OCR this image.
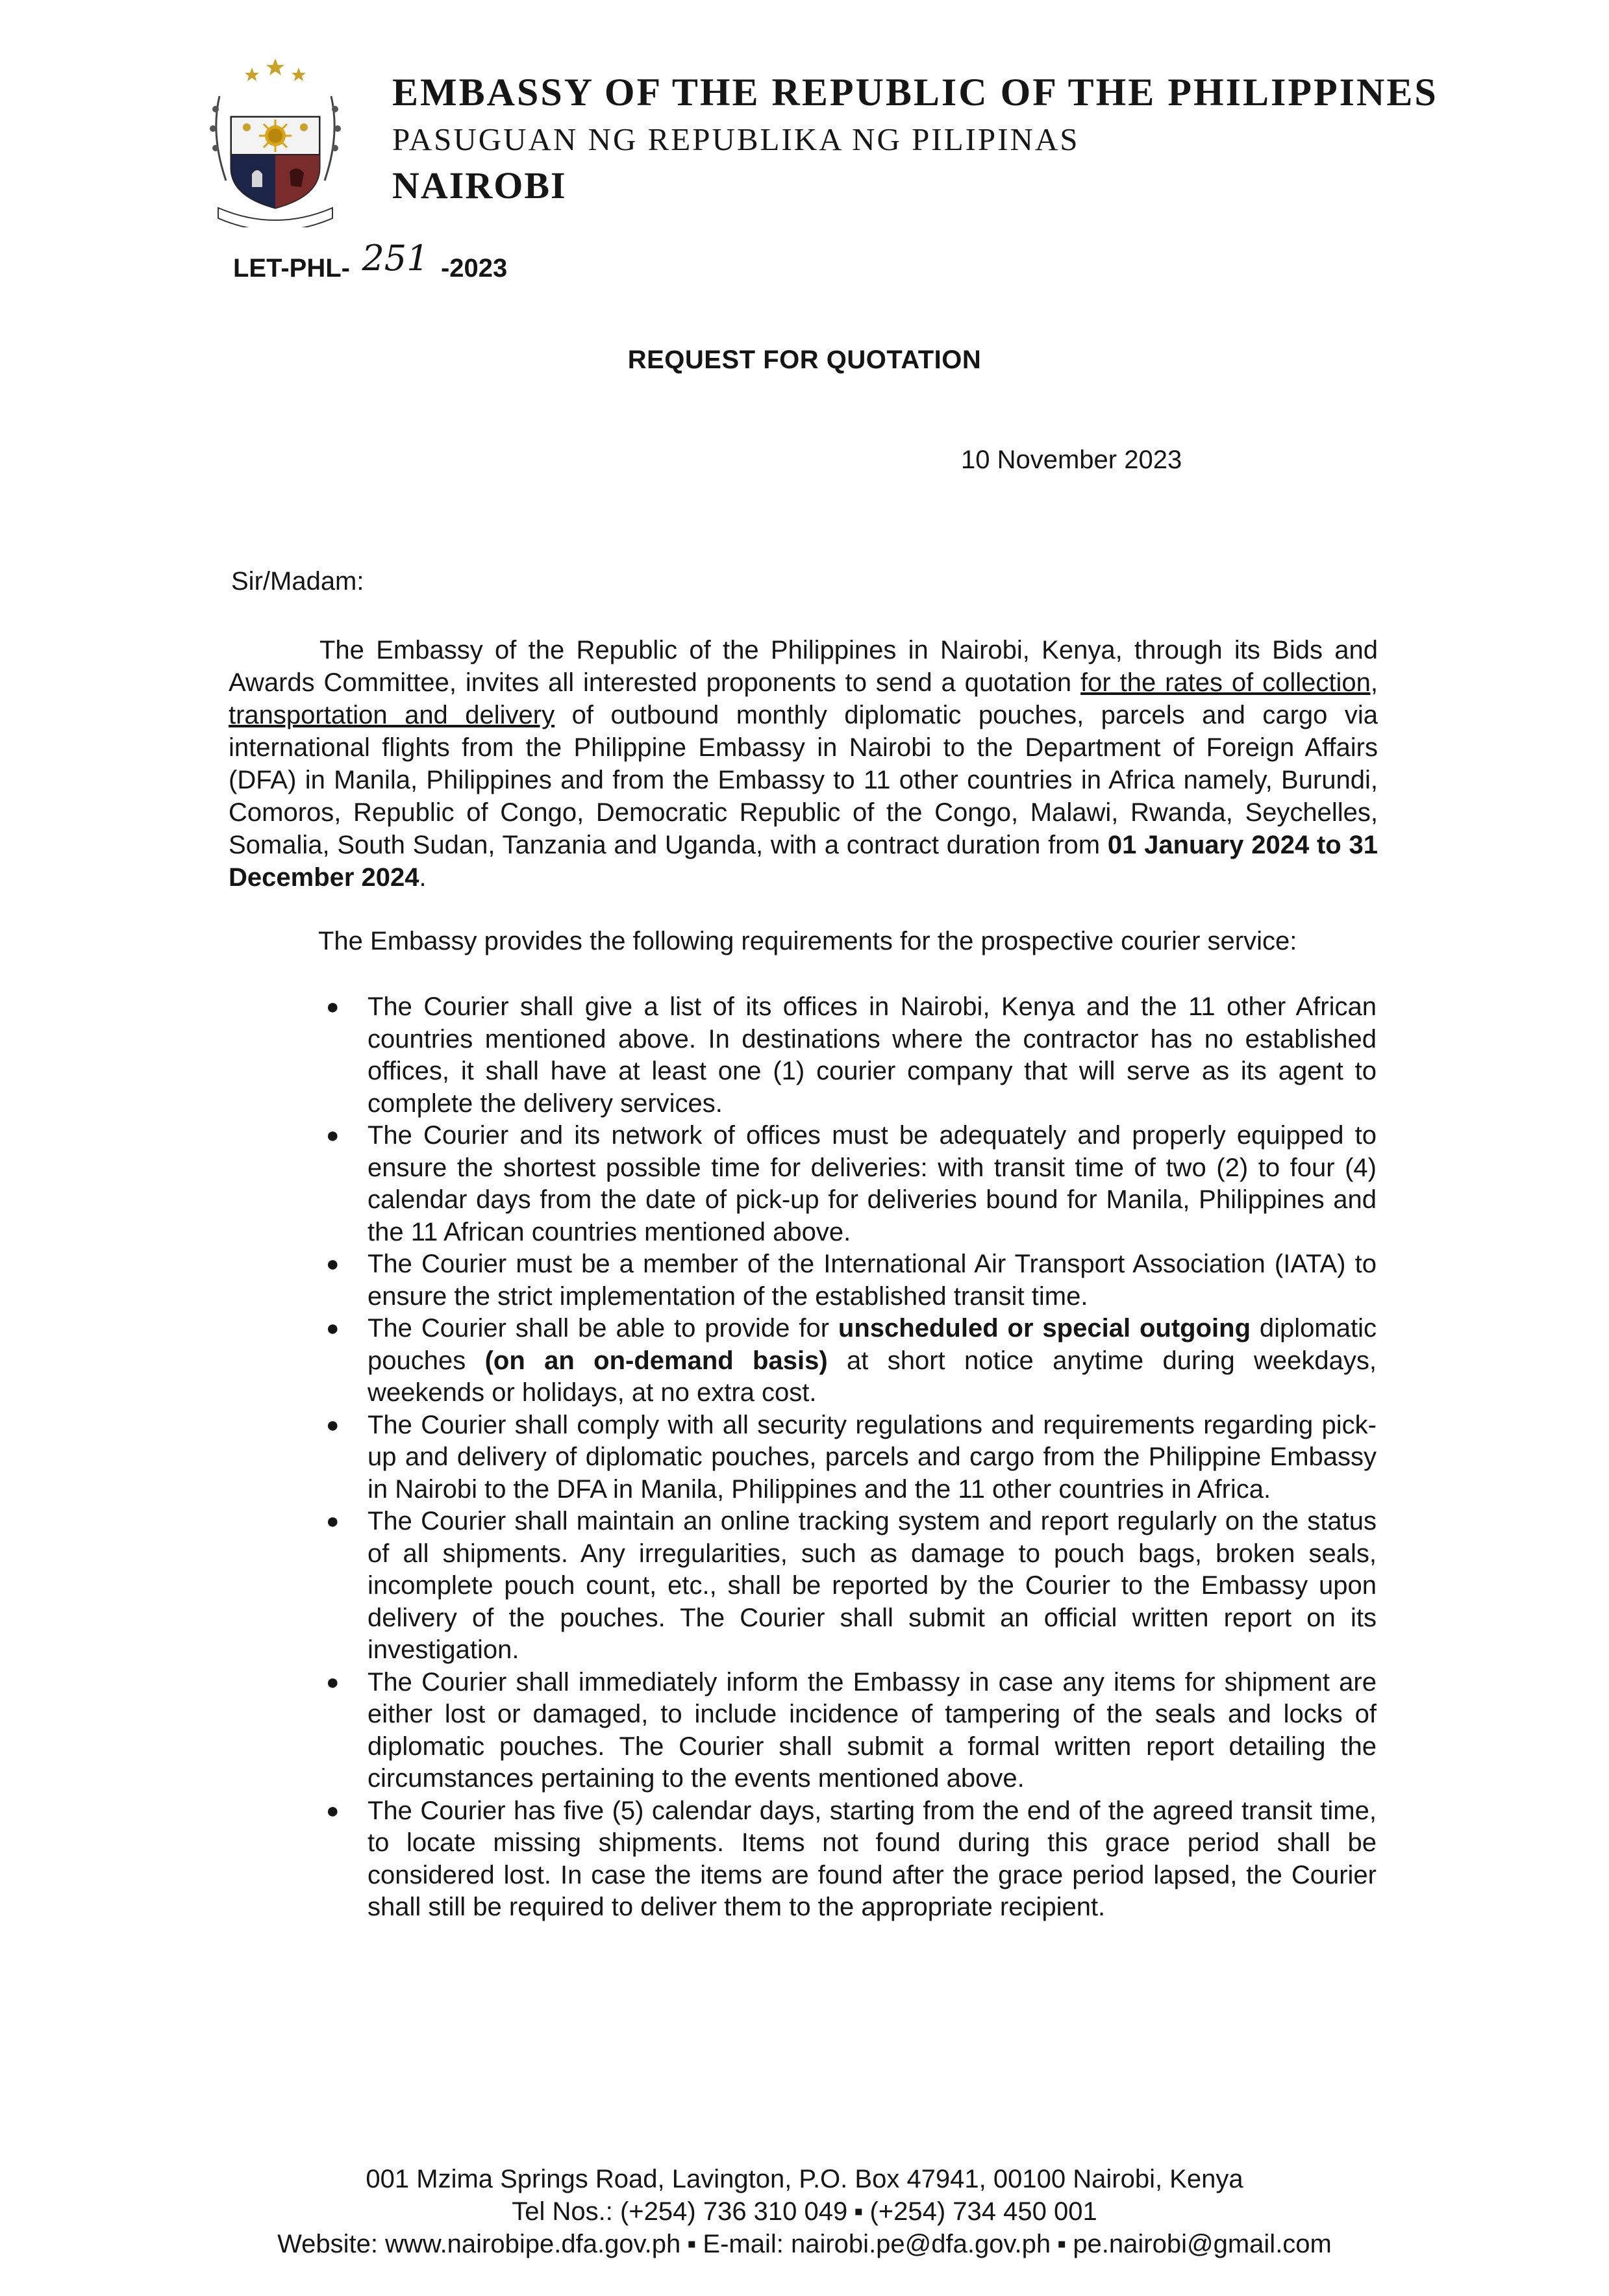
EMBASSY OF THE REPUBLIC OF THE PHILIPPINES
PASUGUAN NG REPUBLIKA NG PILIPINAS
NAIROBI
LET-PHL- 251 -2023
REQUEST FOR QUOTATION
10 November 2023
Sir/Madam:

The Embassy of the Republic of the Philippines in Nairobi, Kenya, through its Bids and Awards Committee, invites all interested proponents to send a quotation for the rates of collection, transportation and delivery of outbound monthly diplomatic pouches, parcels and cargo via international flights from the Philippine Embassy in Nairobi to the Department of Foreign Affairs (DFA) in Manila, Philippines and from the Embassy to 11 other countries in Africa namely, Burundi, Comoros, Republic of Congo, Democratic Republic of the Congo, Malawi, Rwanda, Seychelles, Somalia, South Sudan, Tanzania and Uganda, with a contract duration from 01 January 2024 to 31 December 2024.

The Embassy provides the following requirements for the prospective courier service:

● The Courier shall give a list of its offices in Nairobi, Kenya and the 11 other African countries mentioned above. In destinations where the contractor has no established offices, it shall have at least one (1) courier company that will serve as its agent to complete the delivery services.
● The Courier and its network of offices must be adequately and properly equipped to ensure the shortest possible time for deliveries: with transit time of two (2) to four (4) calendar days from the date of pick-up for deliveries bound for Manila, Philippines and the 11 African countries mentioned above.
● The Courier must be a member of the International Air Transport Association (IATA) to ensure the strict implementation of the established transit time.
● The Courier shall be able to provide for unscheduled or special outgoing diplomatic pouches (on an on-demand basis) at short notice anytime during weekdays, weekends or holidays, at no extra cost.
● The Courier shall comply with all security regulations and requirements regarding pick-up and delivery of diplomatic pouches, parcels and cargo from the Philippine Embassy in Nairobi to the DFA in Manila, Philippines and the 11 other countries in Africa.
● The Courier shall maintain an online tracking system and report regularly on the status of all shipments. Any irregularities, such as damage to pouch bags, broken seals, incomplete pouch count, etc., shall be reported by the Courier to the Embassy upon delivery of the pouches. The Courier shall submit an official written report on its investigation.
● The Courier shall immediately inform the Embassy in case any items for shipment are either lost or damaged, to include incidence of tampering of the seals and locks of diplomatic pouches. The Courier shall submit a formal written report detailing the circumstances pertaining to the events mentioned above.
● The Courier has five (5) calendar days, starting from the end of the agreed transit time, to locate missing shipments. Items not found during this grace period shall be considered lost. In case the items are found after the grace period lapsed, the Courier shall still be required to deliver them to the appropriate recipient.
001 Mzima Springs Road, Lavington, P.O. Box 47941, 00100 Nairobi, Kenya
Tel Nos.: (+254) 736 310 049 ▪ (+254) 734 450 001
Website: www.nairobipe.dfa.gov.ph ▪ E-mail: nairobi.pe@dfa.gov.ph ▪ pe.nairobi@gmail.com
